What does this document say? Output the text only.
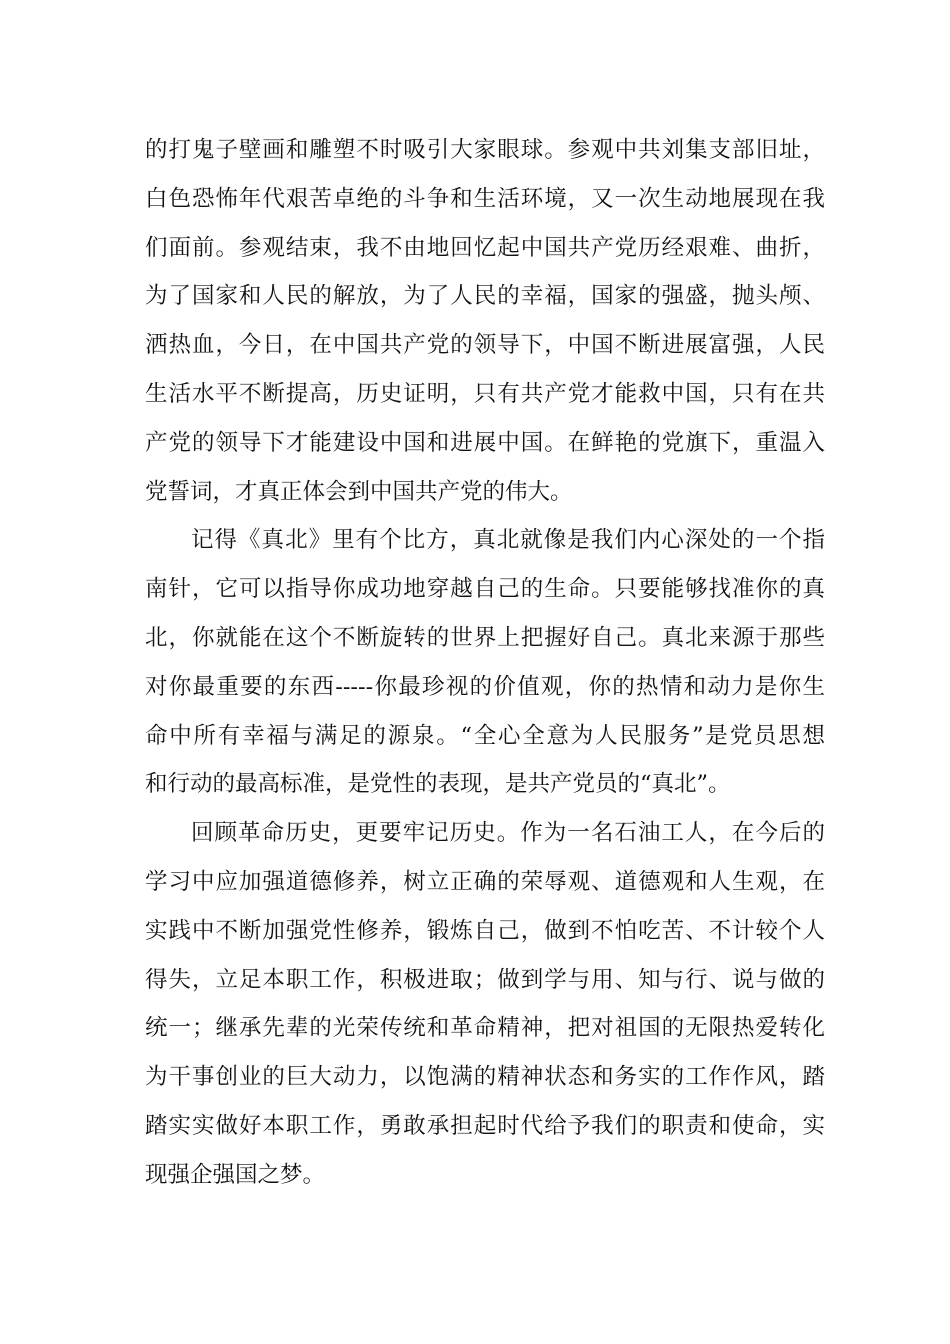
的打鬼子壁画和雕塑不时吸引大家眼球。参观中共刘集支部旧址，
白色恐怖年代艰苦卓绝的斗争和生活环境，又一次生动地展现在我
们面前。参观结束，我不由地回忆起中国共产党历经艰难、曲折，
为了国家和人民的解放，为了人民的幸福，国家的强盛，抛头颅、
洒热血，今日，在中国共产党的领导下，中国不断进展富强，人民
生活水平不断提高，历史证明，只有共产党才能救中国，只有在共
产党的领导下才能建设中国和进展中国。在鲜艳的党旗下，重温入
党誓词，才真正体会到中国共产党的伟大。
记得《真北》里有个比方，真北就像是我们内心深处的一个指
南针，它可以指导你成功地穿越自己的生命。只要能够找准你的真
北，你就能在这个不断旋转的世界上把握好自己。真北来源于那些
对你最重要的东西-----你最珍视的价值观，你的热情和动力是你生
命中所有幸福与满足的源泉。“全心全意为人民服务”是党员思想
和行动的最高标准，是党性的表现，是共产党员的“真北”。
回顾革命历史，更要牢记历史。作为一名石油工人，在今后的
学习中应加强道德修养，树立正确的荣辱观、道德观和人生观，在
实践中不断加强党性修养，锻炼自己，做到不怕吃苦、不计较个人
得失，立足本职工作，积极进取；做到学与用、知与行、说与做的
统一；继承先辈的光荣传统和革命精神，把对祖国的无限热爱转化
为干事创业的巨大动力，以饱满的精神状态和务实的工作作风，踏
踏实实做好本职工作，勇敢承担起时代给予我们的职责和使命，实
现强企强国之梦。
